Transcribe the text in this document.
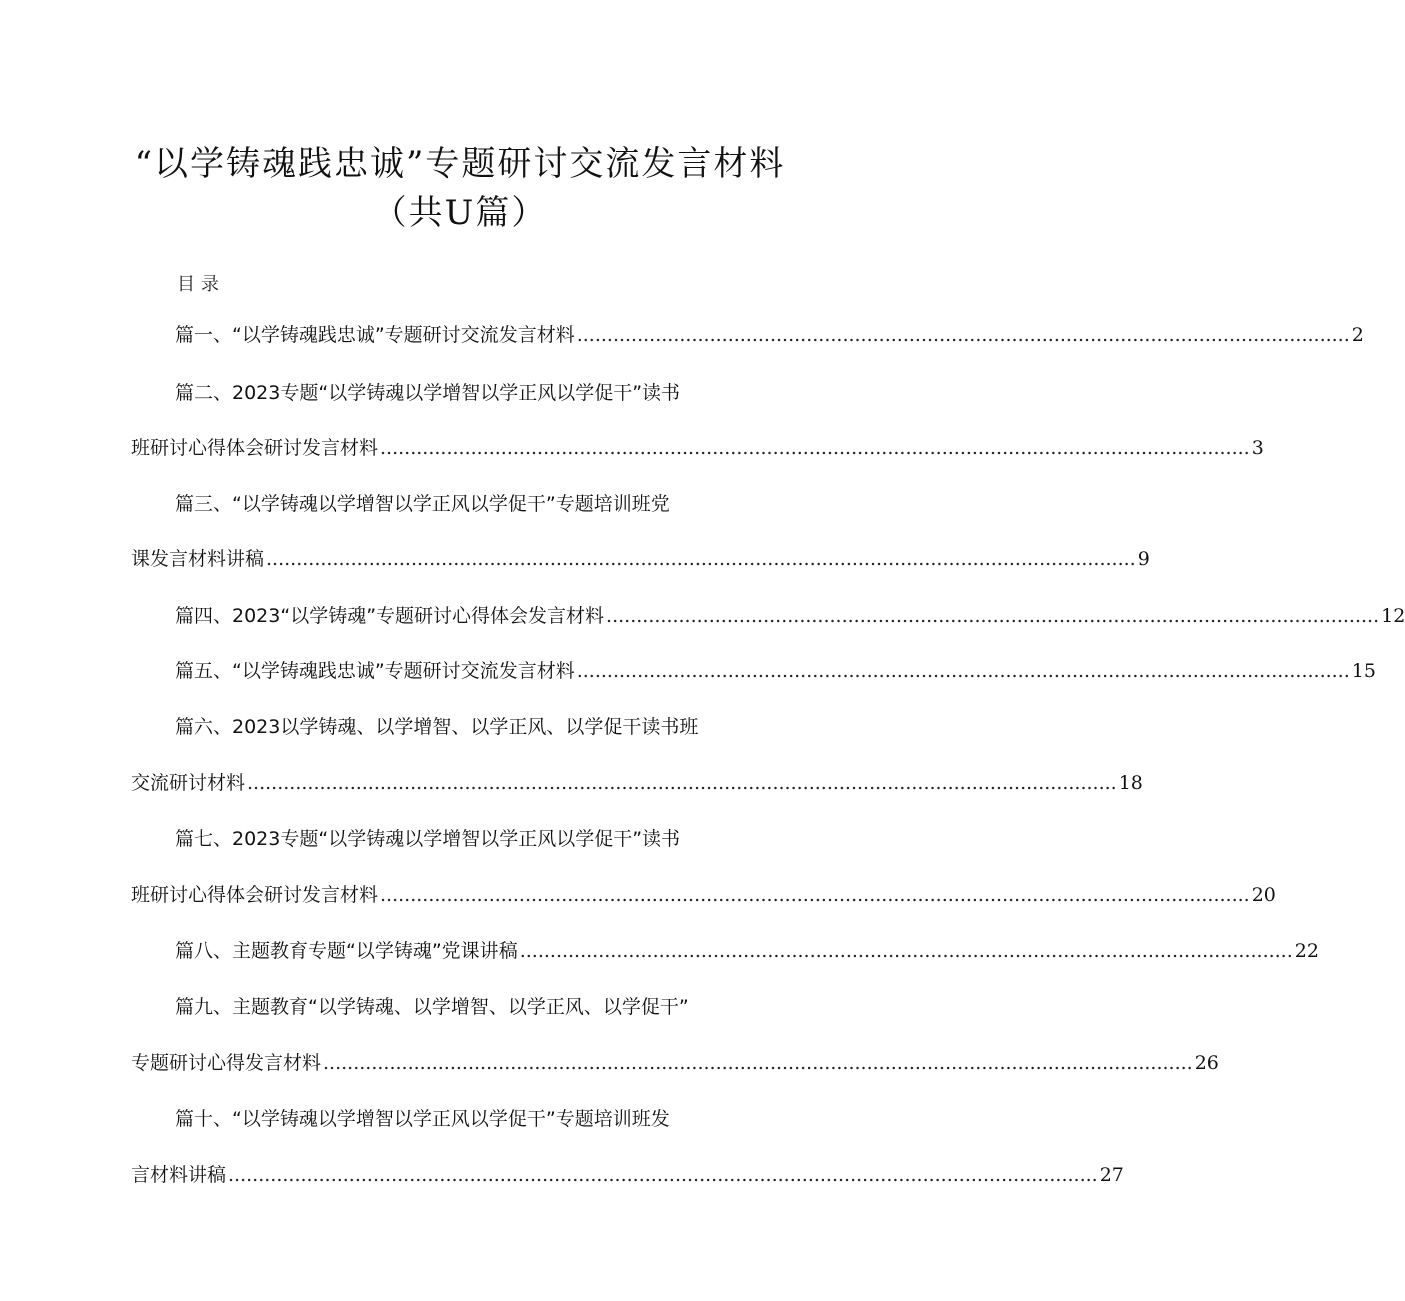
“以学铸魂践忠诚”专题研讨交流发言材料
（共U篇）
目录
篇一、“以学铸魂践忠诚”专题研讨交流发言材料 ................................................................................................................................ 2
篇二、2023专题“以学铸魂以学增智以学正风以学促干”读书
班研讨心得体会研讨发言材料 ................................................................................................................................................ 3
篇三、“以学铸魂以学增智以学正风以学促干”专题培训班党
课发言材料讲稿 ................................................................................................................................................ 9
篇四、2023“以学铸魂”专题研讨心得体会发言材料 ................................................................................................................................ 12
篇五、“以学铸魂践忠诚”专题研讨交流发言材料 ................................................................................................................................ 15
篇六、2023以学铸魂、以学增智、以学正风、以学促干读书班
交流研讨材料 ................................................................................................................................................ 18
篇七、2023专题“以学铸魂以学增智以学正风以学促干”读书
班研讨心得体会研讨发言材料 ................................................................................................................................................ 20
篇八、主题教育专题“以学铸魂”党课讲稿 ................................................................................................................................ 22
篇九、主题教育“以学铸魂、以学增智、以学正风、以学促干”
专题研讨心得发言材料 ................................................................................................................................................ 26
篇十、“以学铸魂以学增智以学正风以学促干”专题培训班发
言材料讲稿 ................................................................................................................................................ 27
